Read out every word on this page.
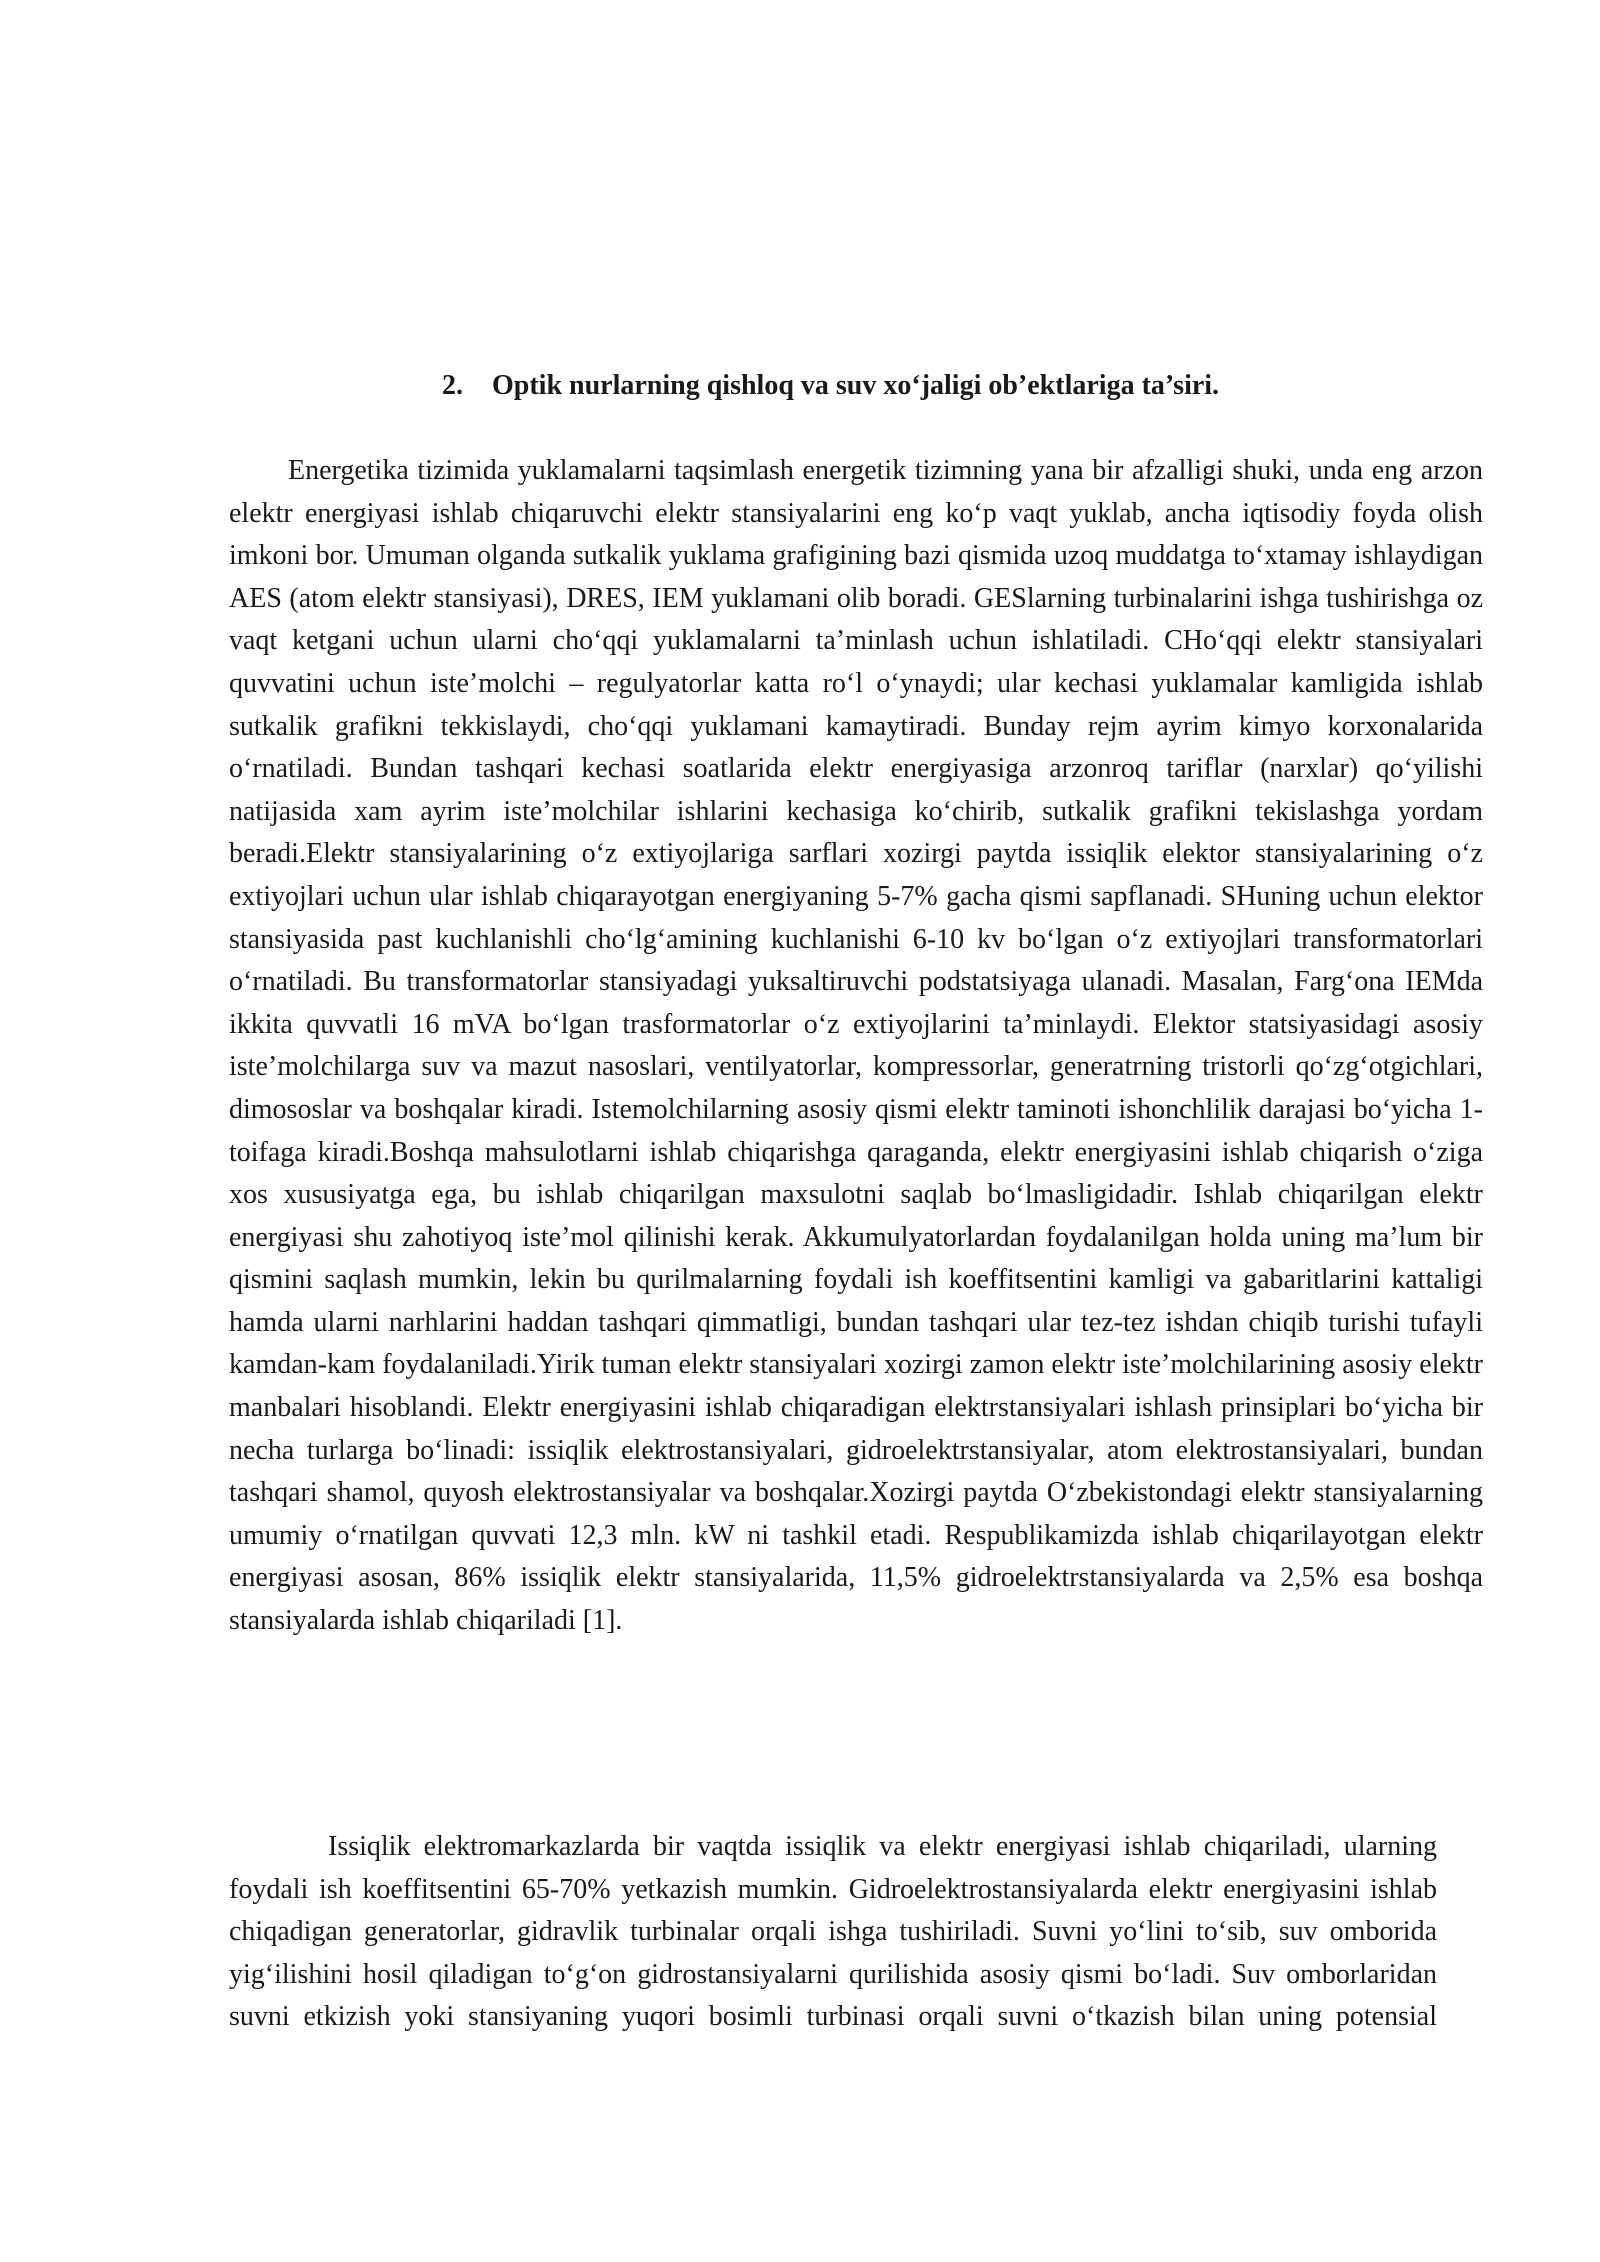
2. Optik nurlarning qishloq va suv xo‘jaligi ob’ektlariga ta’siri.

Energetika tizimida yuklamalarni taqsimlash energetik tizimning yana bir afzalligi shuki, unda eng arzon elektr energiyasi ishlab chiqaruvchi elektr stansiyalarini eng ko‘p vaqt yuklab, ancha iqtisodiy foyda olish imkoni bor. Umuman olganda sutkalik yuklama grafigining bazi qismida uzoq muddatga to‘xtamay ishlaydigan AES (atom elektr stansiyasi), DRES, IEM yuklamani olib boradi. GESlarning turbinalarini ishga tushirishga oz vaqt ketgani uchun ularni cho‘qqi yuklamalarni ta’minlash uchun ishlatiladi. CHo‘qqi elektr stansiyalari quvvatini uchun iste’molchi – regulyatorlar katta ro‘l o‘ynaydi; ular kechasi yuklamalar kamligida ishlab sutkalik grafikni tekkislaydi, cho‘qqi yuklamani kamaytiradi. Bunday rejm ayrim kimyo korxonalarida o‘rnatiladi. Bundan tashqari kechasi soatlarida elektr energiyasiga arzonroq tariflar (narxlar) qo‘yilishi natijasida xam ayrim iste’molchilar ishlarini kechasiga ko‘chirib, sutkalik grafikni tekislashga yordam beradi.Elektr stansiyalarining o‘z extiyojlariga sarflari xozirgi paytda issiqlik elektor stansiyalarining o‘z extiyojlari uchun ular ishlab chiqarayotgan energiyaning 5-7% gacha qismi sapflanadi. SHuning uchun elektor stansiyasida past kuchlanishli cho‘lg‘amining kuchlanishi 6-10 kv bo‘lgan o‘z extiyojlari transformatorlari o‘rnatiladi. Bu transformatorlar stansiyadagi yuksaltiruvchi podstatsiyaga ulanadi. Masalan, Farg‘ona IEMda ikkita quvvatli 16 mVA bo‘lgan trasformatorlar o‘z extiyojlarini ta’minlaydi. Elektor statsiyasidagi asosiy iste’molchilarga suv va mazut nasoslari, ventilyatorlar, kompressorlar, generatrning tristorli qo‘zg‘otgichlari, dimososlar va boshqalar kiradi. Istemolchilarning asosiy qismi elektr taminoti ishonchlilik darajasi bo‘yicha 1-toifaga kiradi.Boshqa mahsulotlarni ishlab chiqarishga qaraganda, elektr energiyasini ishlab chiqarish o‘ziga xos xususiyatga ega, bu ishlab chiqarilgan maxsulotni saqlab bo‘lmasligidadir. Ishlab chiqarilgan elektr energiyasi shu zahotiyoq iste’mol qilinishi kerak. Akkumulyatorlardan foydalanilgan holda uning ma’lum bir qismini saqlash mumkin, lekin bu qurilmalarning foydali ish koeffitsentini kamligi va gabaritlarini kattaligi hamda ularni narhlarini haddan tashqari qimmatligi, bundan tashqari ular tez-tez ishdan chiqib turishi tufayli kamdan-kam foydalaniladi.Yirik tuman elektr stansiyalari xozirgi zamon elektr iste’molchilarining asosiy elektr manbalari hisoblandi. Elektr energiyasini ishlab chiqaradigan elektrstansiyalari ishlash prinsiplari bo‘yicha bir necha turlarga bo‘linadi: issiqlik elektrostansiyalari, gidroelektrstansiyalar, atom elektrostansiyalari, bundan tashqari shamol, quyosh elektrostansiyalar va boshqalar.Xozirgi paytda O‘zbekistondagi elektr stansiyalarning umumiy o‘rnatilgan quvvati 12,3 mln. kW ni tashkil etadi. Respublikamizda ishlab chiqarilayotgan elektr energiyasi asosan, 86% issiqlik elektr stansiyalarida, 11,5% gidroelektrstansiyalarda va 2,5% esa boshqa stansiyalarda ishlab chiqariladi [1].

Issiqlik elektromarkazlarda bir vaqtda issiqlik va elektr energiyasi ishlab chiqariladi, ularning foydali ish koeffitsentini 65-70% yetkazish mumkin. Gidroelektrostansiyalarda elektr energiyasini ishlab chiqadigan generatorlar, gidravlik turbinalar orqali ishga tushiriladi. Suvni yo‘lini to‘sib, suv omborida yig‘ilishini hosil qiladigan to‘g‘on gidrostansiyalarni qurilishida asosiy qismi bo‘ladi. Suv omborlaridan suvni etkizish yoki stansiyaning yuqori bosimli turbinasi orqali suvni o‘tkazish bilan uning potensial
